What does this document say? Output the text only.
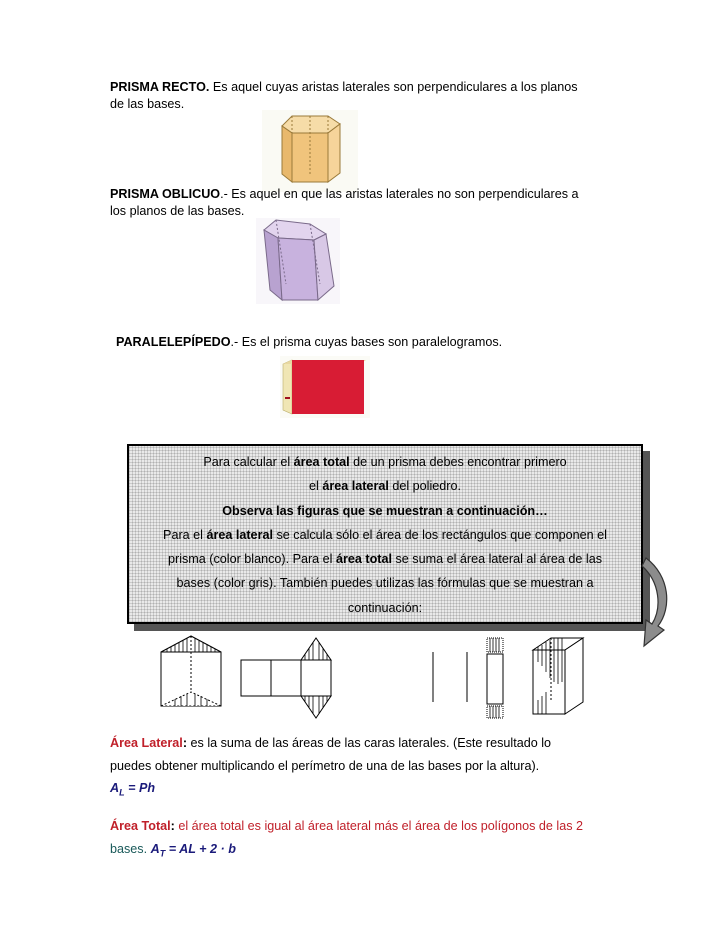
PRISMA RECTO. Es aquel cuyas aristas laterales son perpendiculares a los planos
de las bases.
PRISMA OBLICUO.- Es aquel en que las aristas laterales no son perpendiculares a
los planos de las bases.
PARALELEPÍPEDO.- Es el prisma cuyas bases son paralelogramos.
Para calcular el área total de un prisma debes encontrar primero
el área lateral del poliedro.
Observa las figuras que se muestran a continuación…
Para el área lateral se calcula sólo el área de los rectángulos que componen el
prisma (color blanco). Para el área total se suma el área lateral al área de las
bases (color gris). También puedes utilizas las fórmulas que se muestran a
continuación:
Área Lateral: es la suma de las áreas de las caras laterales. (Este resultado lo
puedes obtener multiplicando el perímetro de una de las bases por la altura).
$A_L = Ph$
Área Total: el área total es igual al área lateral más el área de los polígonos de las 2
bases. $A_T$ = AL + 2 · b
